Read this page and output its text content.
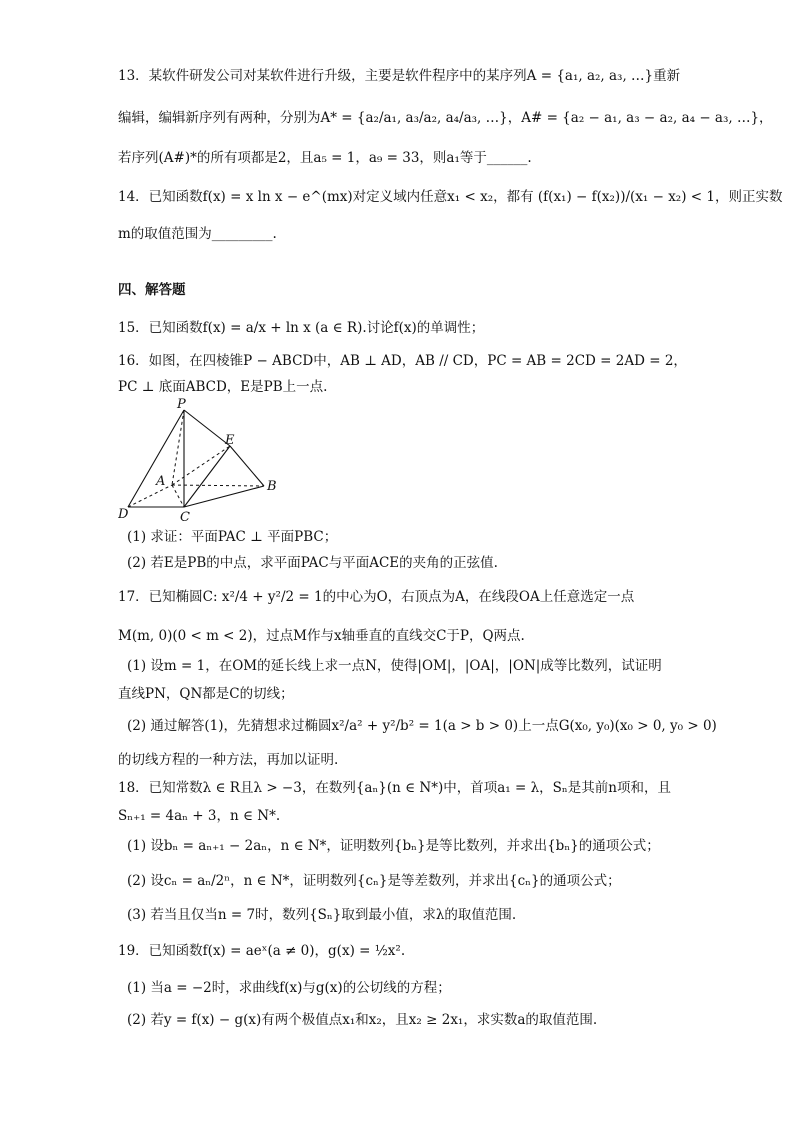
13．某软件研发公司对某软件进行升级，主要是软件程序中的某序列A = {a₁, a₂, a₃, …}重新
编辑，编辑新序列有两种，分别为A* = {a₂/a₁, a₃/a₂, a₄/a₃, …}，A# = {a₂ − a₁, a₃ − a₂, a₄ − a₃, …}，
若序列(A#)*的所有项都是2，且a₅ = 1，a₉ = 33，则a₁等于______.
14．已知函数f(x) = x ln x − e^(mx)对定义域内任意x₁ < x₂，都有 (f(x₁) − f(x₂))/(x₁ − x₂) < 1，则正实数
m的取值范围为_________.
四、解答题
15．已知函数f(x) = a/x + ln x (a ∈ R).讨论f(x)的单调性；
16．如图，在四棱锥P − ABCD中，AB ⊥ AD，AB // CD，PC = AB = 2CD = 2AD = 2，
PC ⊥ 底面ABCD，E是PB上一点.
P
E
A	B
C
D
(1) 求证：平面PAC ⊥ 平面PBC；
(2) 若E是PB的中点，求平面PAC与平面ACE的夹角的正弦值.
17．已知椭圆C: x²/4 + y²/2 = 1的中心为O，右顶点为A，在线段OA上任意选定一点
M(m, 0)(0 < m < 2)，过点M作与x轴垂直的直线交C于P，Q两点.
(1) 设m = 1，在OM的延长线上求一点N，使得|OM|，|OA|，|ON|成等比数列，试证明
直线PN，QN都是C的切线；
(2) 通过解答(1)，先猜想求过椭圆x²/a² + y²/b² = 1(a > b > 0)上一点G(x₀, y₀)(x₀ > 0, y₀ > 0)
的切线方程的一种方法，再加以证明.
18．已知常数λ ∈ R且λ > −3，在数列{aₙ}(n ∈ N*)中，首项a₁ = λ，Sₙ是其前n项和，且
Sₙ₊₁ = 4aₙ + 3，n ∈ N*.
(1) 设bₙ = aₙ₊₁ − 2aₙ，n ∈ N*，证明数列{bₙ}是等比数列，并求出{bₙ}的通项公式；
(2) 设cₙ = aₙ/2ⁿ，n ∈ N*，证明数列{cₙ}是等差数列，并求出{cₙ}的通项公式；
(3) 若当且仅当n = 7时，数列{Sₙ}取到最小值，求λ的取值范围.
19．已知函数f(x) = aeˣ(a ≠ 0)，g(x) = ½x².
(1) 当a = −2时，求曲线f(x)与g(x)的公切线的方程；
(2) 若y = f(x) − g(x)有两个极值点x₁和x₂，且x₂ ≥ 2x₁，求实数a的取值范围.
